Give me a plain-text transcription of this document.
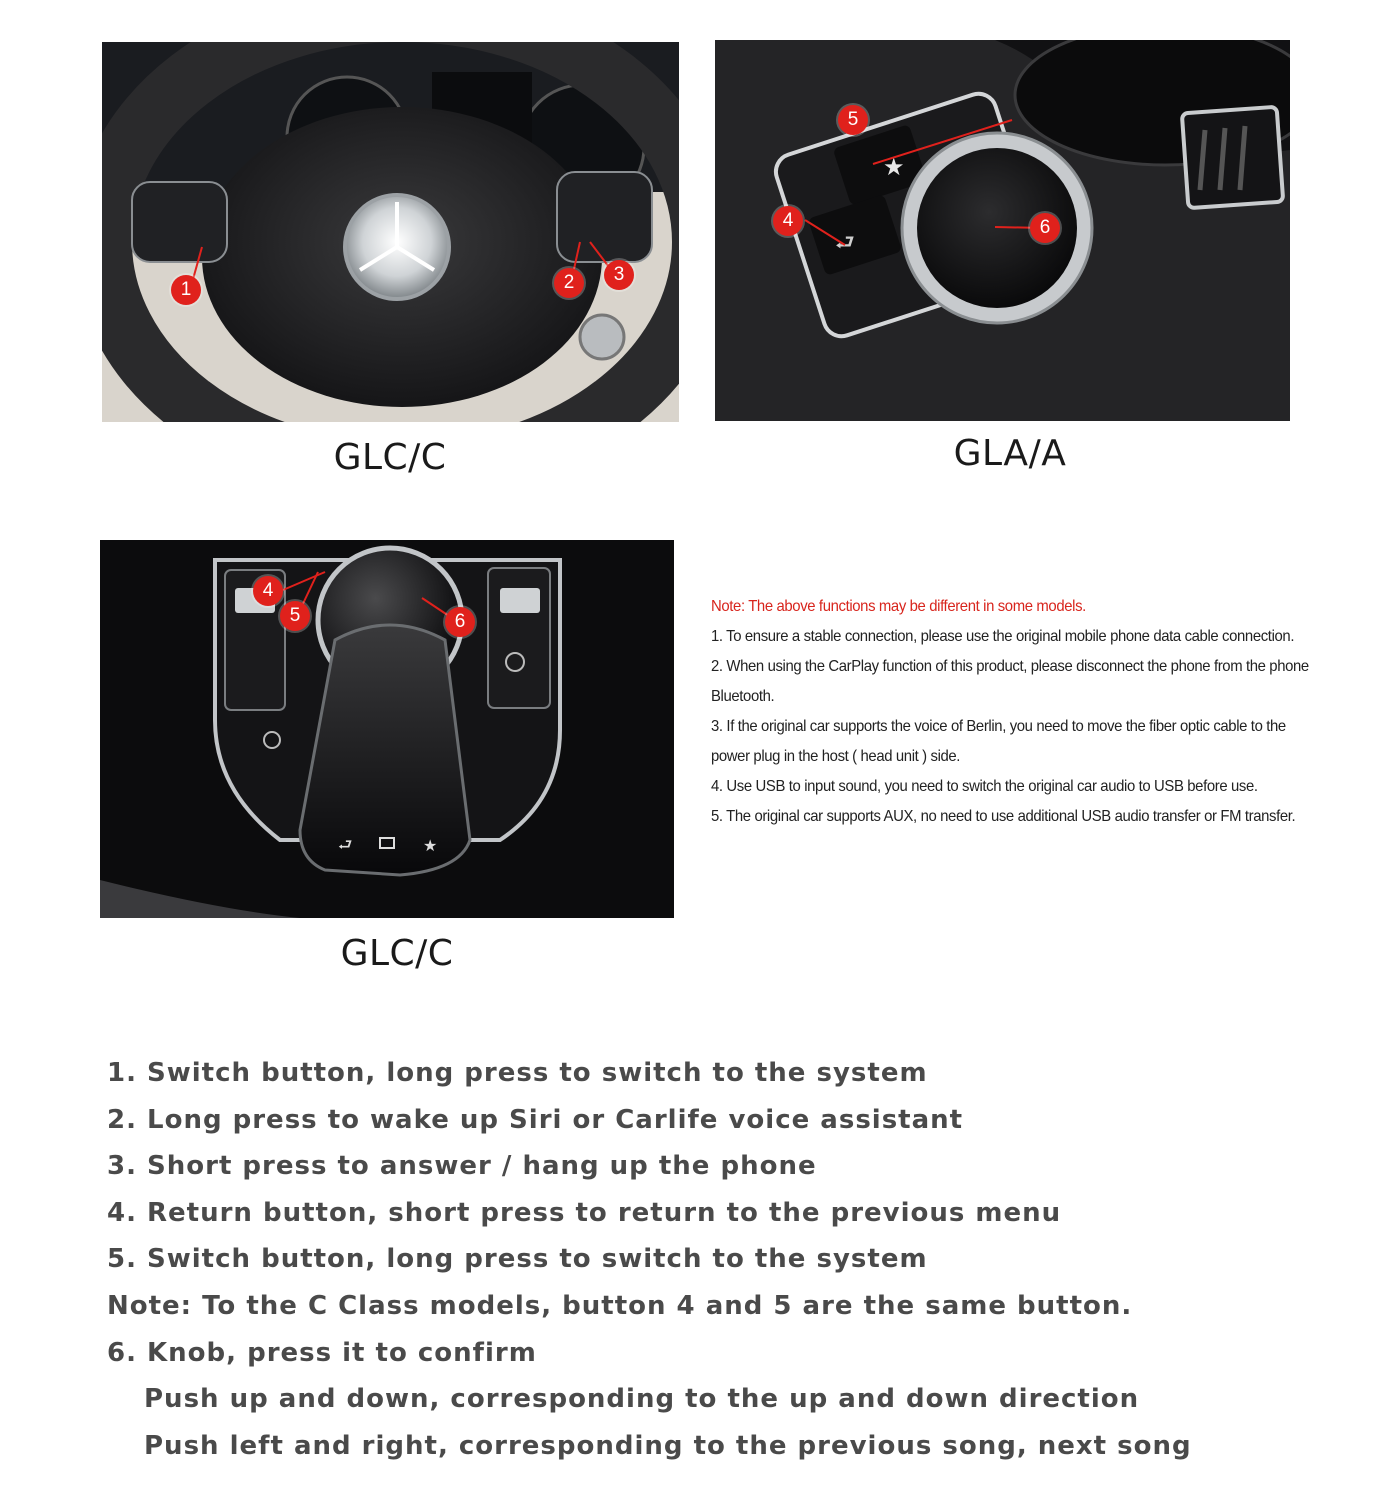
1	2	3
GLC/C
★
⮐
5
4	6
GLA/A
⮐	★
4
5	6
GLC/C
Note: The above functions may be different in some models.
1. To ensure a stable connection, please use the original mobile phone data cable connection.
2. When using the CarPlay function of this product, please disconnect the phone from the phone
Bluetooth.
3. If the original car supports the voice of Berlin, you need to move the fiber optic cable to the
power plug in the host ( head unit ) side.
4. Use USB to input sound, you need to switch the original car audio to USB before use.
5. The original car supports AUX, no need to use additional USB audio transfer or FM transfer.
1. Switch button, long press to switch to the system
2. Long press to wake up Siri or Carlife voice assistant
3. Short press to answer / hang up the phone
4. Return button, short press to return to the previous menu
5. Switch button, long press to switch to the system
Note: To the C Class models, button 4 and 5 are the same button.
6. Knob, press it to confirm
Push up and down, corresponding to the up and down direction
Push left and right, corresponding to the previous song, next song
